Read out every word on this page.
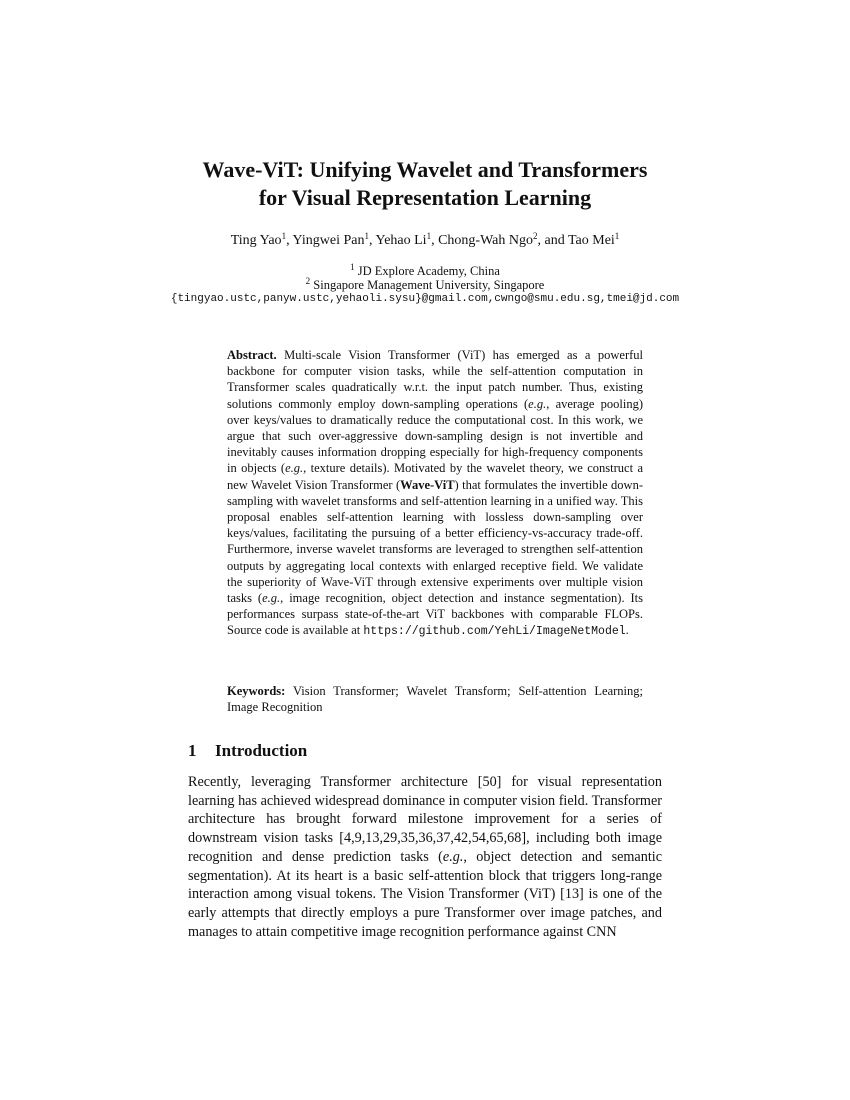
Wave-ViT: Unifying Wavelet and Transformers
for Visual Representation Learning
Ting Yao$^1$, Yingwei Pan$^1$, Yehao Li$^1$, Chong-Wah Ngo$^2$, and Tao Mei$^1$
$^1$ JD Explore Academy, China
$^2$ Singapore Management University, Singapore
{tingyao.ustc,panyw.ustc,yehaoli.sysu}@gmail.com,cwngo@smu.edu.sg,tmei@jd.com

Abstract. Multi-scale Vision Transformer (ViT) has emerged as a powerful backbone for computer vision tasks, while the self-attention computation in Transformer scales quadratically w.r.t. the input patch number. Thus, existing solutions commonly employ down-sampling operations (e.g., average pooling) over keys/values to dramatically reduce the computational cost. In this work, we argue that such over-aggressive down-sampling design is not invertible and inevitably causes information dropping especially for high-frequency components in objects (e.g., texture details). Motivated by the wavelet theory, we construct a new Wavelet Vision Transformer (Wave-ViT) that formulates the invertible down-sampling with wavelet transforms and self-attention learning in a unified way. This proposal enables self-attention learning with lossless down-sampling over keys/values, facilitating the pursuing of a better efficiency-vs-accuracy trade-off. Furthermore, inverse wavelet transforms are leveraged to strengthen self-attention outputs by aggregating local contexts with enlarged receptive field. We validate the superiority of Wave-ViT through extensive experiments over multiple vision tasks (e.g., image recognition, object detection and instance segmentation). Its performances surpass state-of-the-art ViT backbones with comparable FLOPs. Source code is available at https://github.com/YehLi/ImageNetModel.

Keywords: Vision Transformer; Wavelet Transform; Self-attention Learning; Image Recognition
1 Introduction

Recently, leveraging Transformer architecture [50] for visual representation learning has achieved widespread dominance in computer vision field. Transformer architecture has brought forward milestone improvement for a series of downstream vision tasks [4,9,13,29,35,36,37,42,54,65,68], including both image recognition and dense prediction tasks (e.g., object detection and semantic segmentation). At its heart is a basic self-attention block that triggers long-range interaction among visual tokens. The Vision Transformer (ViT) [13] is one of the early attempts that directly employs a pure Transformer over image patches, and manages to attain competitive image recognition performance against CNN
